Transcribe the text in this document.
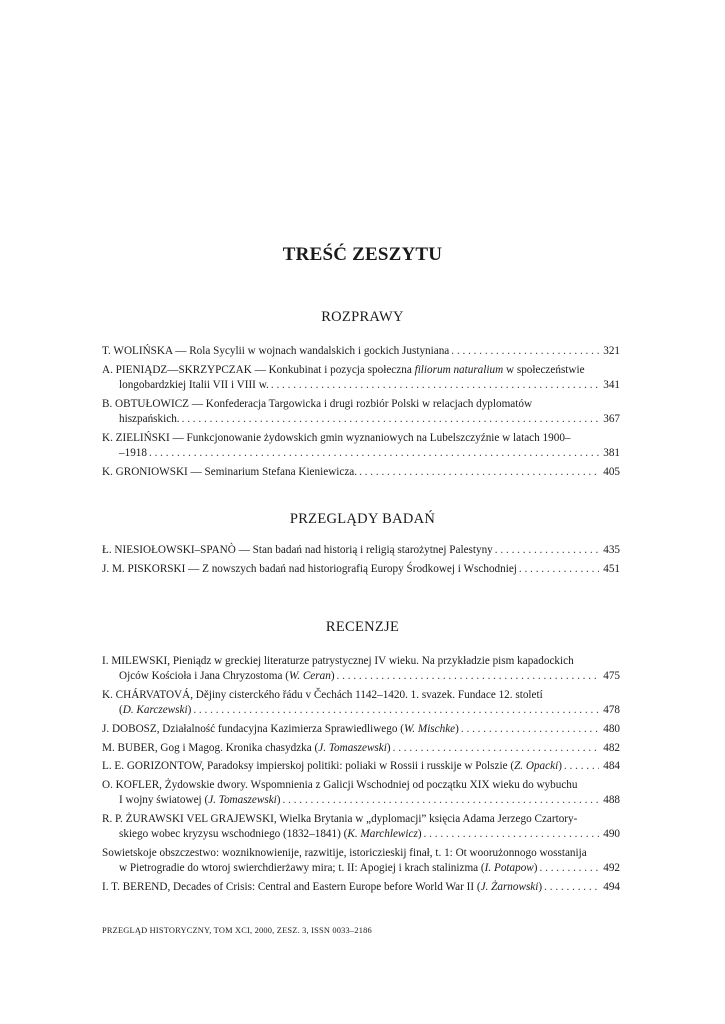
TREŚĆ ZESZYTU
ROZPRAWY
T. WOLIŃSKA — Rola Sycylii w wojnach wandalskich i gockich Justyniana . . .	321
A. PIENIĄDZ—SKRZYPCZAK — Konkubinat i pozycja społeczna filiorum naturalium w społeczeństwie
longobardzkiej Italii VII i VIII w. . . .	341
B. OBTUŁOWICZ — Konfederacja Targowicka i drugi rozbiór Polski w relacjach dyplomatów
hiszpańskich. . . .	367
K. ZIELIŃSKI — Funkcjonowanie żydowskich gmin wyznaniowych na Lubelszczyźnie w latach 1900–
–1918 . . .	381
K. GRONIOWSKI — Seminarium Stefana Kieniewicza. . . .	405
PRZEGLĄDY BADAŃ
Ł. NIESIOŁOWSKI–SPANÒ — Stan badań nad historią i religią starożytnej Palestyny . . .	435
J. M. PISKORSKI — Z nowszych badań nad historiografią Europy Środkowej i Wschodniej . . .	451
RECENZJE
I. MILEWSKI, Pieniądz w greckiej literaturze patrystycznej IV wieku. Na przykładzie pism kapadockich
Ojców Kościoła i Jana Chryzostoma (W. Ceran) . . .	475
K. CHÁRVATOVÁ, Dějiny cisterckého řádu v Čechách 1142–1420. 1. svazek. Fundace 12. století
(D. Karczewski) . . .	478
J. DOBOSZ, Działalność fundacyjna Kazimierza Sprawiedliwego (W. Mischke) . . .	480
M. BUBER, Gog i Magog. Kronika chasydzka (J. Tomaszewski) . . .	482
L. E. GORIZONTOW, Paradoksy impierskoj politiki: poliaki w Rossii i russkije w Polszie (Z. Opacki) . . .	484
O. KOFLER, Żydowskie dwory. Wspomnienia z Galicji Wschodniej od początku XIX wieku do wybuchu
I wojny światowej (J. Tomaszewski) . . .	488
R. P. ŻURAWSKI VEL GRAJEWSKI, Wielka Brytania w „dyplomacji” księcia Adama Jerzego Czartory-
skiego wobec kryzysu wschodniego (1832–1841) (K. Marchlewicz) . . .	490
Sowietskoje obszczestwo: wozniknowienije, razwitije, istoriczieskij finał, t. 1: Ot woorużonnogo wosstanija
w Pietrogradie do wtoroj swierchdierżawy mira; t. II: Apogiej i krach stalinizma (I. Potapow) . . .	492
I. T. BEREND, Decades of Crisis: Central and Eastern Europe before World War II (J. Żarnowski) . . .	494
PRZEGLĄD HISTORYCZNY, TOM XCI, 2000, ZESZ. 3, ISSN 0033–2186
